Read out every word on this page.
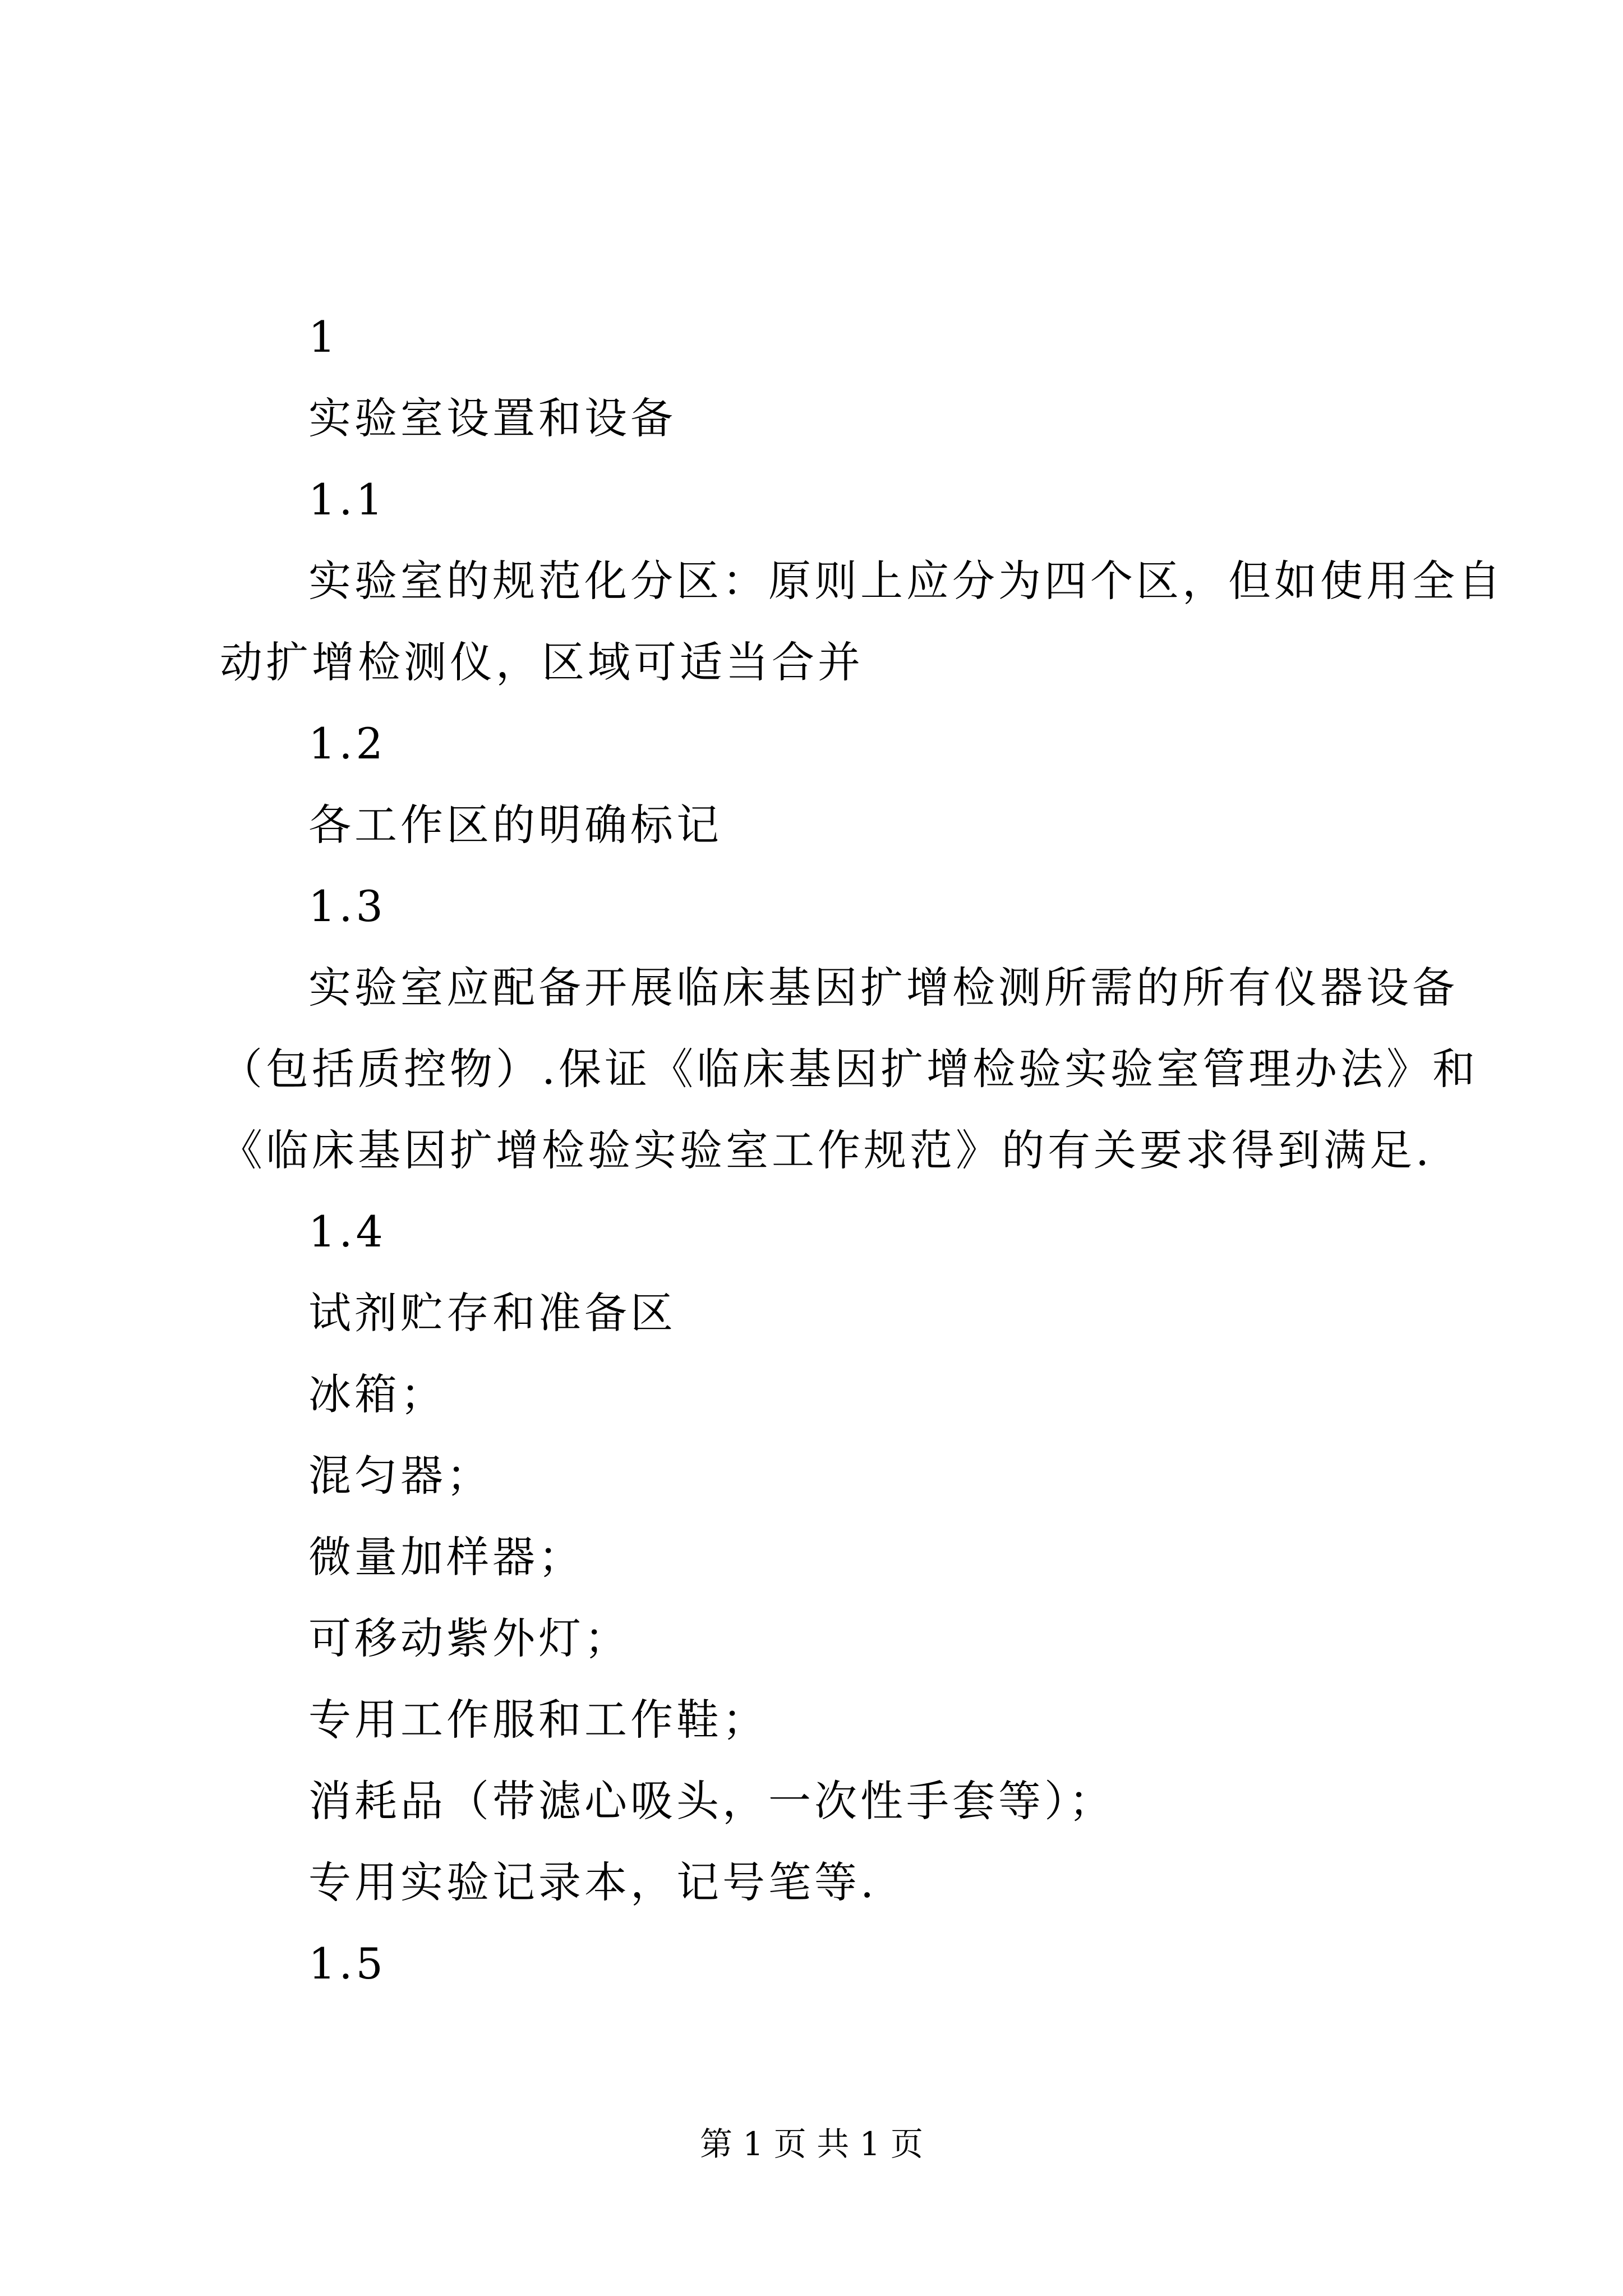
1
实验室设置和设备
1.1
实验室的规范化分区：原则上应分为四个区，但如使用全自
动扩增检测仪，区域可适当合并
1.2
各工作区的明确标记
1.3
实验室应配备开展临床基因扩增检测所需的所有仪器设备
（包括质控物）.保证《临床基因扩增检验实验室管理办法》和
《临床基因扩增检验实验室工作规范》的有关要求得到满足.
1.4
试剂贮存和准备区
冰箱；
混匀器；
微量加样器；
可移动紫外灯；
专用工作服和工作鞋；
消耗品（带滤心吸头，一次性手套等）；
专用实验记录本，记号笔等.
1.5
第 1 页 共 1 页
